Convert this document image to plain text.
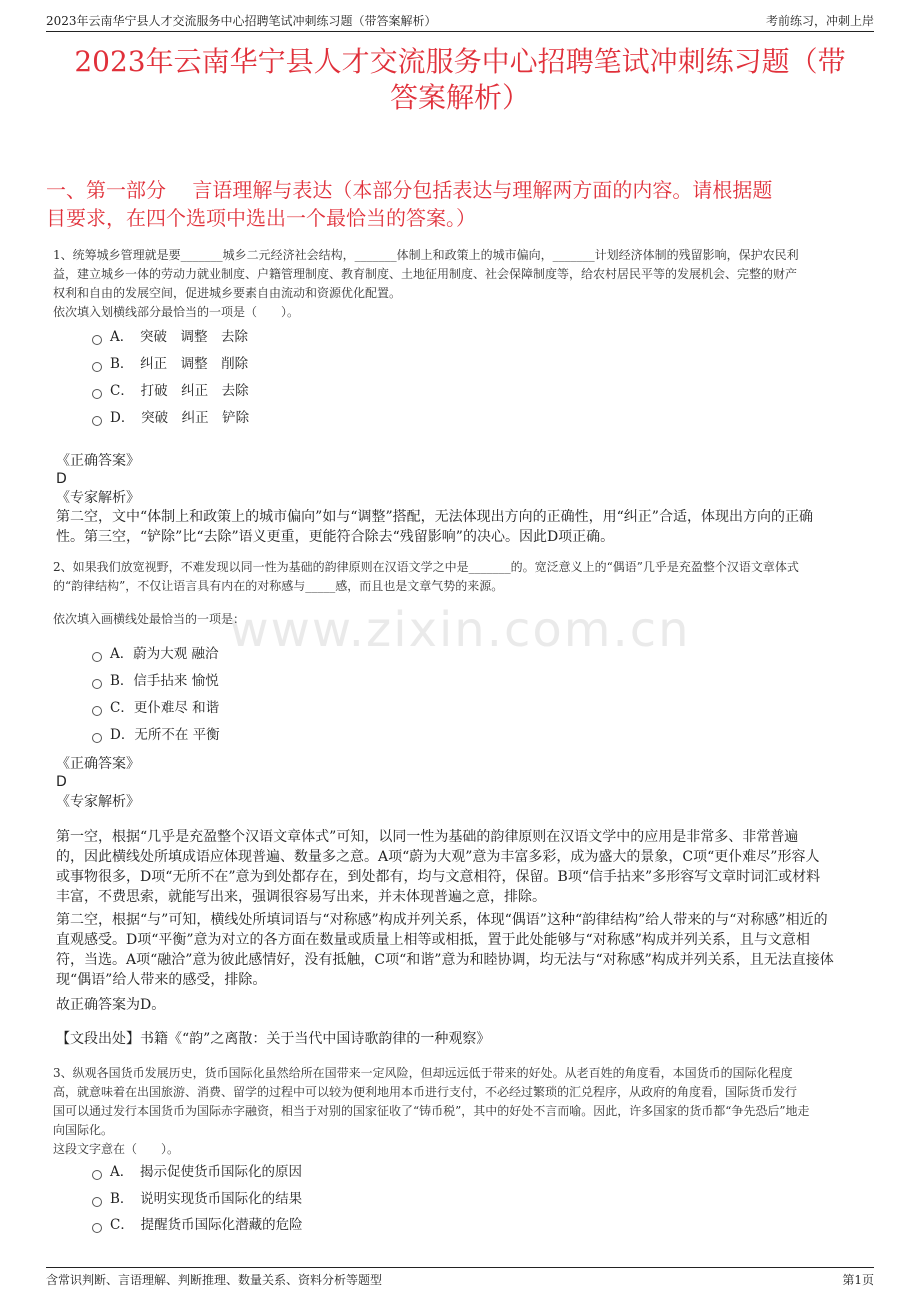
2023年云南华宁县人才交流服务中心招聘笔试冲刺练习题（带答案解析）	考前练习，冲刺上岸
2023年云南华宁县人才交流服务中心招聘笔试冲刺练习题（带
答案解析）
一、第一部分　 言语理解与表达（本部分包括表达与理解两方面的内容。请根据题
目要求，在四个选项中选出一个最恰当的答案。）
1、统筹城乡管理就是要_______城乡二元经济社会结构，_______体制上和政策上的城市偏向，_______计划经济体制的残留影响，保护农民利
益，建立城乡一体的劳动力就业制度、户籍管理制度、教育制度、土地征用制度、社会保障制度等，给农村居民平等的发展机会、完整的财产
权利和自由的发展空间，促进城乡要素自由流动和资源优化配置。
依次填入划横线部分最恰当的一项是（　　）。
A．　突破　调整　去除
B．　纠正　调整　削除
C．　打破　纠正　去除
D．　突破　纠正　铲除
《正确答案》
D
《专家解析》
第二空，文中“体制上和政策上的城市偏向”如与“调整”搭配，无法体现出方向的正确性，用“纠正”合适，体现出方向的正确
性。第三空，“铲除”比“去除”语义更重，更能符合除去“残留影响”的决心。因此D项正确。
www.zixin.com.cn
2、如果我们放宽视野，不难发现以同一性为基础的韵律原则在汉语文学之中是_______的。宽泛意义上的“偶语”几乎是充盈整个汉语文章体式
的“韵律结构”，不仅让语言具有内在的对称感与_____感，而且也是文章气势的来源。
依次填入画横线处最恰当的一项是：
A．蔚为大观 融洽
B．信手拈来 愉悦
C．更仆难尽 和谐
D．无所不在 平衡
《正确答案》
D
《专家解析》
第一空，根据“几乎是充盈整个汉语文章体式”可知，以同一性为基础的韵律原则在汉语文学中的应用是非常多、非常普遍
的，因此横线处所填成语应体现普遍、数量多之意。A项“蔚为大观”意为丰富多彩，成为盛大的景象，C项“更仆难尽”形容人
或事物很多，D项“无所不在”意为到处都存在，到处都有，均与文意相符，保留。B项“信手拈来”多形容写文章时词汇或材料
丰富，不费思索，就能写出来，强调很容易写出来，并未体现普遍之意，排除。
第二空，根据“与”可知，横线处所填词语与“对称感”构成并列关系，体现“偶语”这种“韵律结构”给人带来的与“对称感”相近的
直观感受。D项“平衡”意为对立的各方面在数量或质量上相等或相抵，置于此处能够与“对称感”构成并列关系，且与文意相
符，当选。A项“融洽”意为彼此感情好，没有抵触，C项“和谐”意为和睦协调，均无法与“对称感”构成并列关系，且无法直接体
现“偶语”给人带来的感受，排除。
故正确答案为D。
【文段出处】书籍《“韵”之离散：关于当代中国诗歌韵律的一种观察》
3、纵观各国货币发展历史，货币国际化虽然给所在国带来一定风险，但却远远低于带来的好处。从老百姓的角度看，本国货币的国际化程度
高，就意味着在出国旅游、消费、留学的过程中可以较为便利地用本币进行支付，不必经过繁琐的汇兑程序，从政府的角度看，国际货币发行
国可以通过发行本国货币为国际赤字融资，相当于对别的国家征收了“铸币税”，其中的好处不言而喻。因此，许多国家的货币都“争先恐后”地走
向国际化。
这段文字意在（　　）。
A．　揭示促使货币国际化的原因
B．　说明实现货币国际化的结果
C．　提醒货币国际化潜藏的危险
含常识判断、言语理解、判断推理、数量关系、资料分析等题型	第1页
